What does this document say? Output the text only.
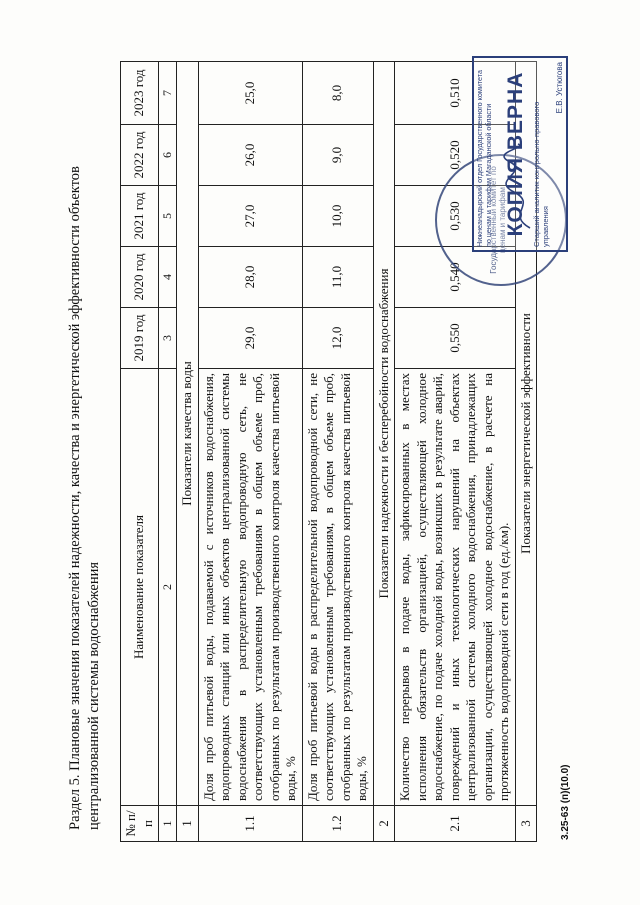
Раздел 5. Плановые значения показателей надежности, качества и энергетической эффективности объектов централизованной системы водоснабжения № п/п	Наименование показателя	2019 год	2020 год	2021 год	2022 год	2023 год
1	2	3	4	5	6	7
1	Показатели качества воды					
1.1	Доля проб питьевой воды, подаваемой с источников водоснабжения, водопроводных станций или иных объектов централизованной системы водоснабжения в распределительную водопроводную сеть, не соответствующих установленным требованиям в общем объеме проб, отобранных по результатам производственного контроля качества питьевой воды, %	29,0	28,0	27,0	26,0	25,0
1.2	Доля проб питьевой воды в распределительной водопроводной сети, не соответствующих установленным требованиям, в общем объеме проб, отобранных по результатам производственного контроля качества питьевой воды, %	12,0	11,0	10,0	9,0	8,0
2	Показатели надежности и бесперебойности водоснабжения					
2.1	Количество перерывов в подаче воды, зафиксированных в местах исполнения обязательств организацией, осуществляющей холодное водоснабжение, по подаче холодной воды, возникших в результате аварий, повреждений и иных технологических нарушений на объектах централизованной системы холодного водоснабжения, принадлежащих организации, осуществляющей холодное водоснабжение, в расчете на протяженность водопроводной сети в год (ед./км).	0,550	0,540	0,530	0,520	0,510
3	Показатели энергетической эффективности					
3.25-63 (п)(10.0)
Государственный комитет по ценам и тарифам
Нижнеанадырский отдел Государственного комитета по ценам и тарифам Магаданской области КОПИЯ ВЕРНА Старший аналитик контрольно-правового управления
Е.В. Устюгова
